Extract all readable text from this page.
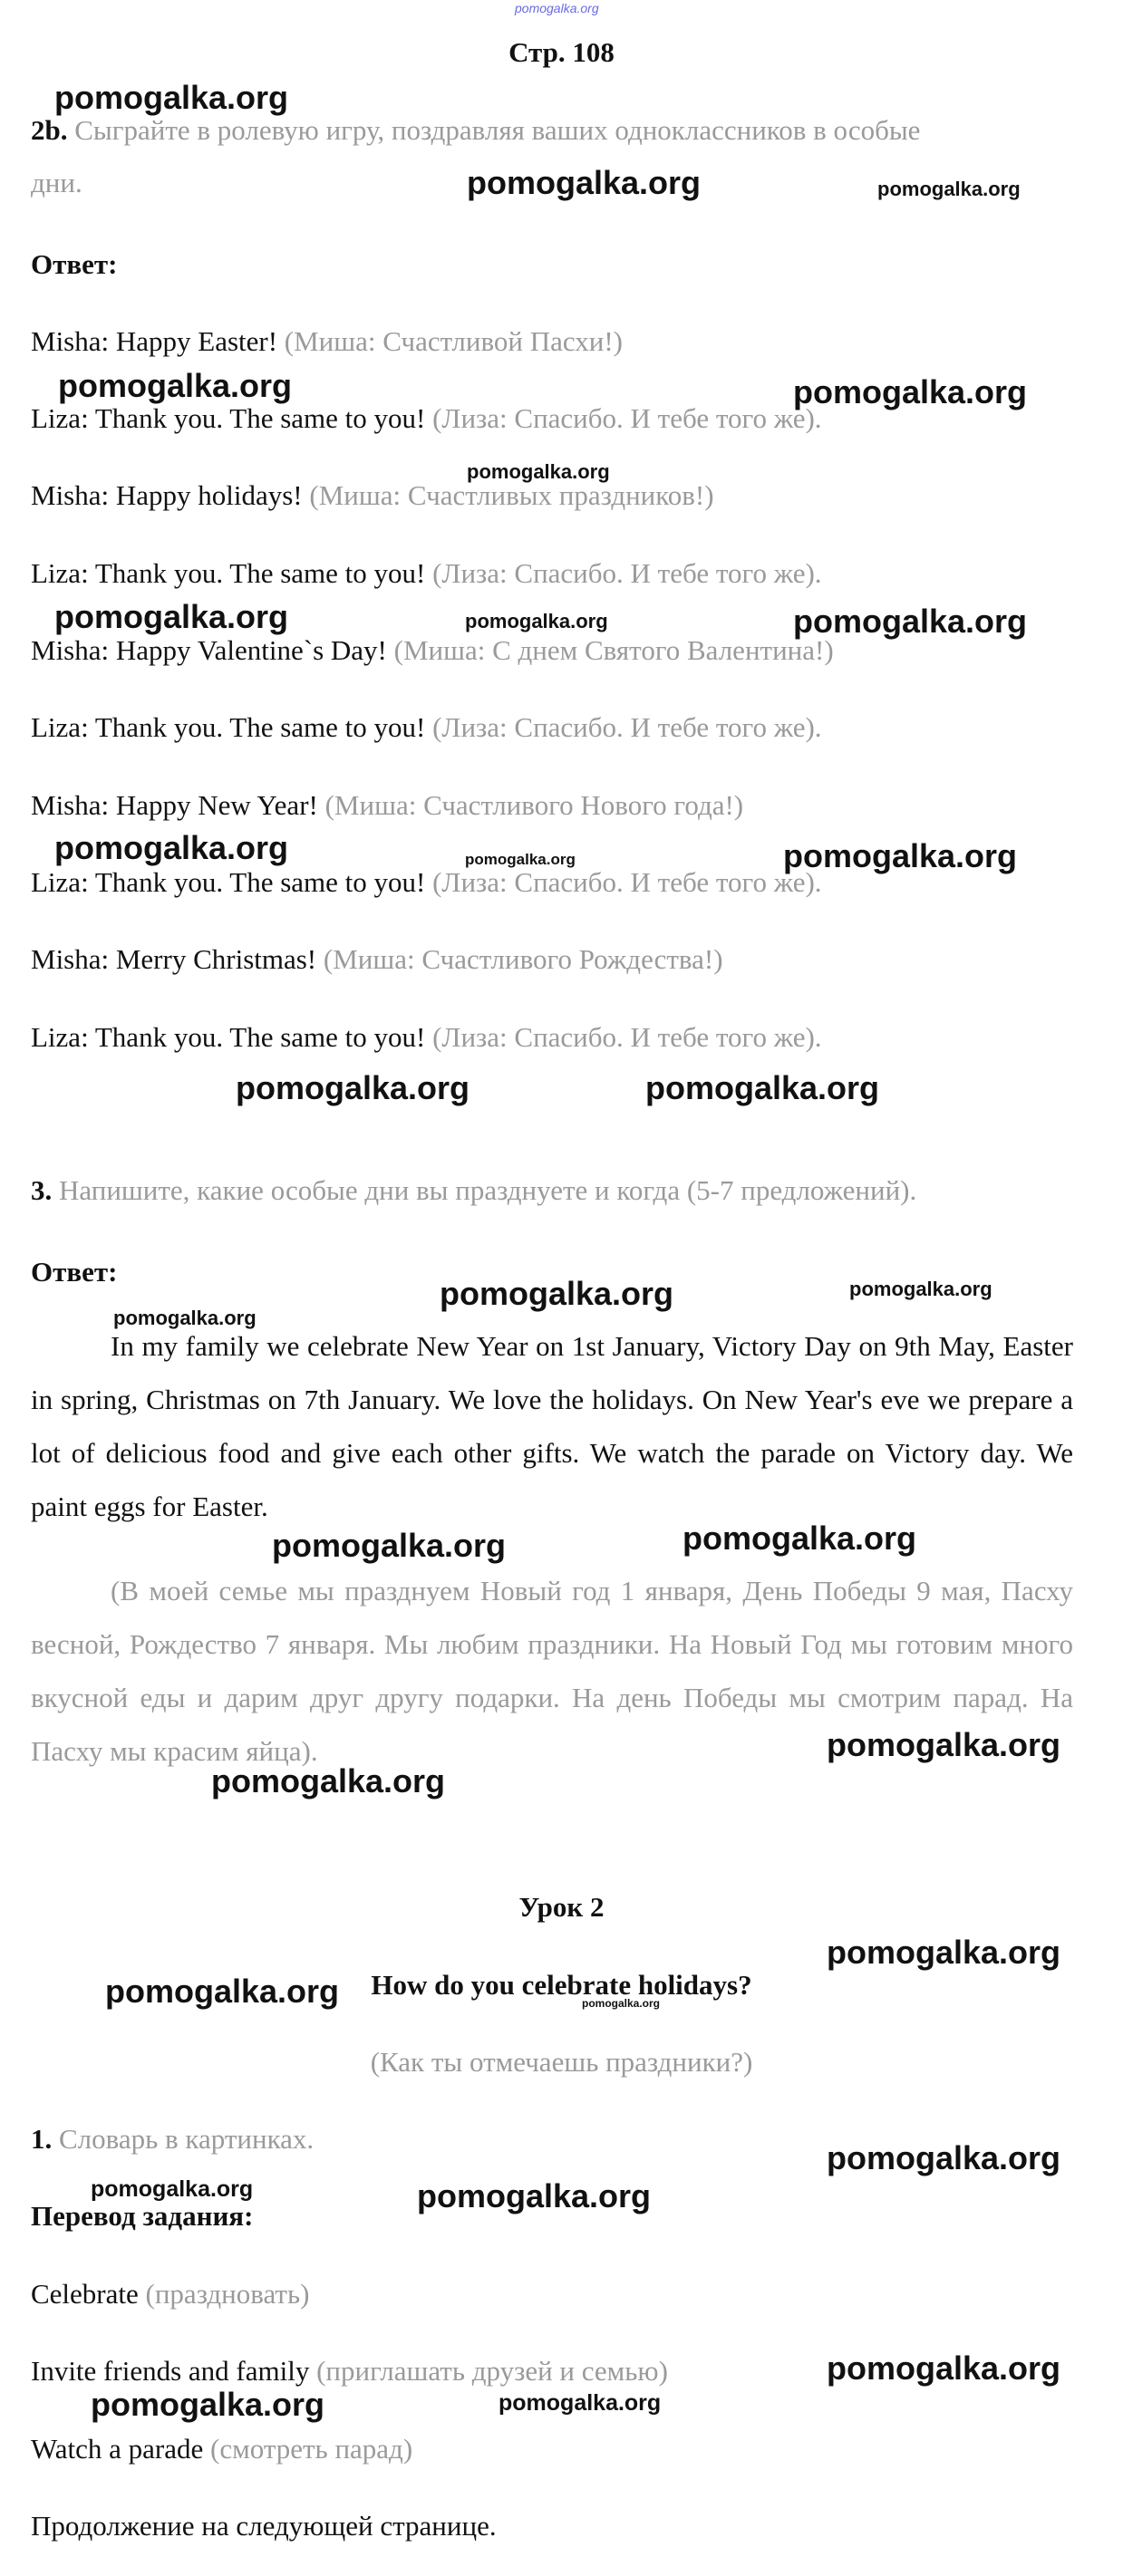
pomogalka.org
Стр. 108
2b. Сыграйте в ролевую игру, поздравляя ваших одноклассников в особые
дни.
Ответ:
Misha: Happy Easter! (Миша: Счастливой Пасхи!)
Liza: Thank you. The same to you! (Лиза: Спасибо. И тебе того же).
Misha: Happy holidays! (Миша: Счастливых праздников!)
Liza: Thank you. The same to you! (Лиза: Спасибо. И тебе того же).
Misha: Happy Valentine`s Day! (Миша: С днем Святого Валентина!)
Liza: Thank you. The same to you! (Лиза: Спасибо. И тебе того же).
Misha: Happy New Year! (Миша: Счастливого Нового года!)
Liza: Thank you. The same to you! (Лиза: Спасибо. И тебе того же).
Misha: Merry Christmas! (Миша: Счастливого Рождества!)
Liza: Thank you. The same to you! (Лиза: Спасибо. И тебе того же).
3. Напишите, какие особые дни вы празднуете и когда (5-7 предложений).
Ответ:
In my family we celebrate New Year on 1st January, Victory Day on 9th May, Easter in spring, Christmas on 7th January. We love the holidays. On New Year's eve we prepare a lot of delicious food and give each other gifts. We watch the parade on Victory day. We paint eggs for Easter.
(В моей семье мы празднуем Новый год 1 января, День Победы 9 мая, Пасху весной, Рождество 7 января. Мы любим праздники. На Новый Год мы готовим много вкусной еды и дарим друг другу подарки. На день Победы мы смотрим парад. На Пасху мы красим яйца).
Урок 2
How do you celebrate holidays?
(Как ты отмечаешь праздники?)
1. Словарь в картинках.
Перевод задания:
Celebrate (праздновать)
Invite friends and family (приглашать друзей и семью)
Watch a parade (смотреть парад)
Продолжение на следующей странице.
pomogalka.org
pomogalka.org	pomogalka.org
pomogalka.org	pomogalka.org
pomogalka.org
pomogalka.org	pomogalka.org	pomogalka.org
pomogalka.org	pomogalka.org	pomogalka.org
pomogalka.org	pomogalka.org
pomogalka.org	pomogalka.org
pomogalka.org
pomogalka.org	pomogalka.org
pomogalka.org
pomogalka.org
pomogalka.org
pomogalka.org	pomogalka.org
pomogalka.org
pomogalka.org	pomogalka.org
pomogalka.org
pomogalka.org	pomogalka.org
